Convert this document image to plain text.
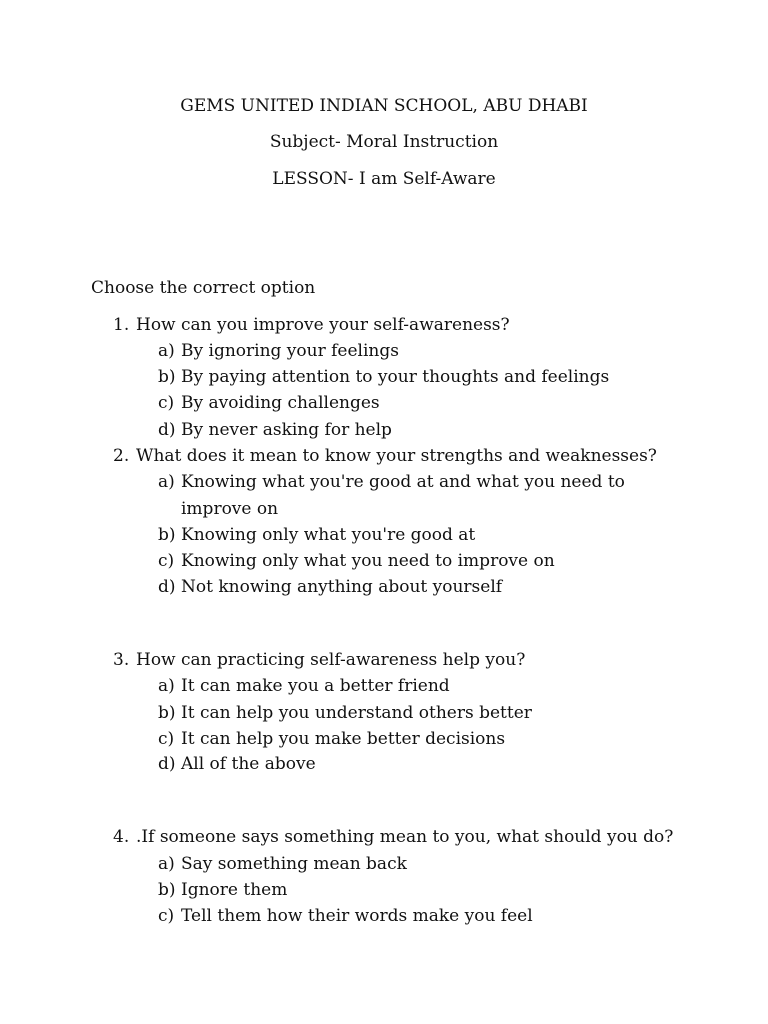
GEMS UNITED INDIAN SCHOOL, ABU DHABI
Subject- Moral Instruction
LESSON- I am Self-Aware
Choose the correct option
1. How can you improve your self-awareness?
a) By ignoring your feelings
b) By paying attention to your thoughts and feelings
c) By avoiding challenges
d) By never asking for help
2. What does it mean to know your strengths and weaknesses?
a) Knowing what you're good at and what you need to improve on
b) Knowing only what you're good at
c) Knowing only what you need to improve on
d) Not knowing anything about yourself
3. How can practicing self-awareness help you?
a) It can make you a better friend
b) It can help you understand others better
c) It can help you make better decisions
d) All of the above
4. .If someone says something mean to you, what should you do?
a) Say something mean back
b) Ignore them
c) Tell them how their words make you feel
